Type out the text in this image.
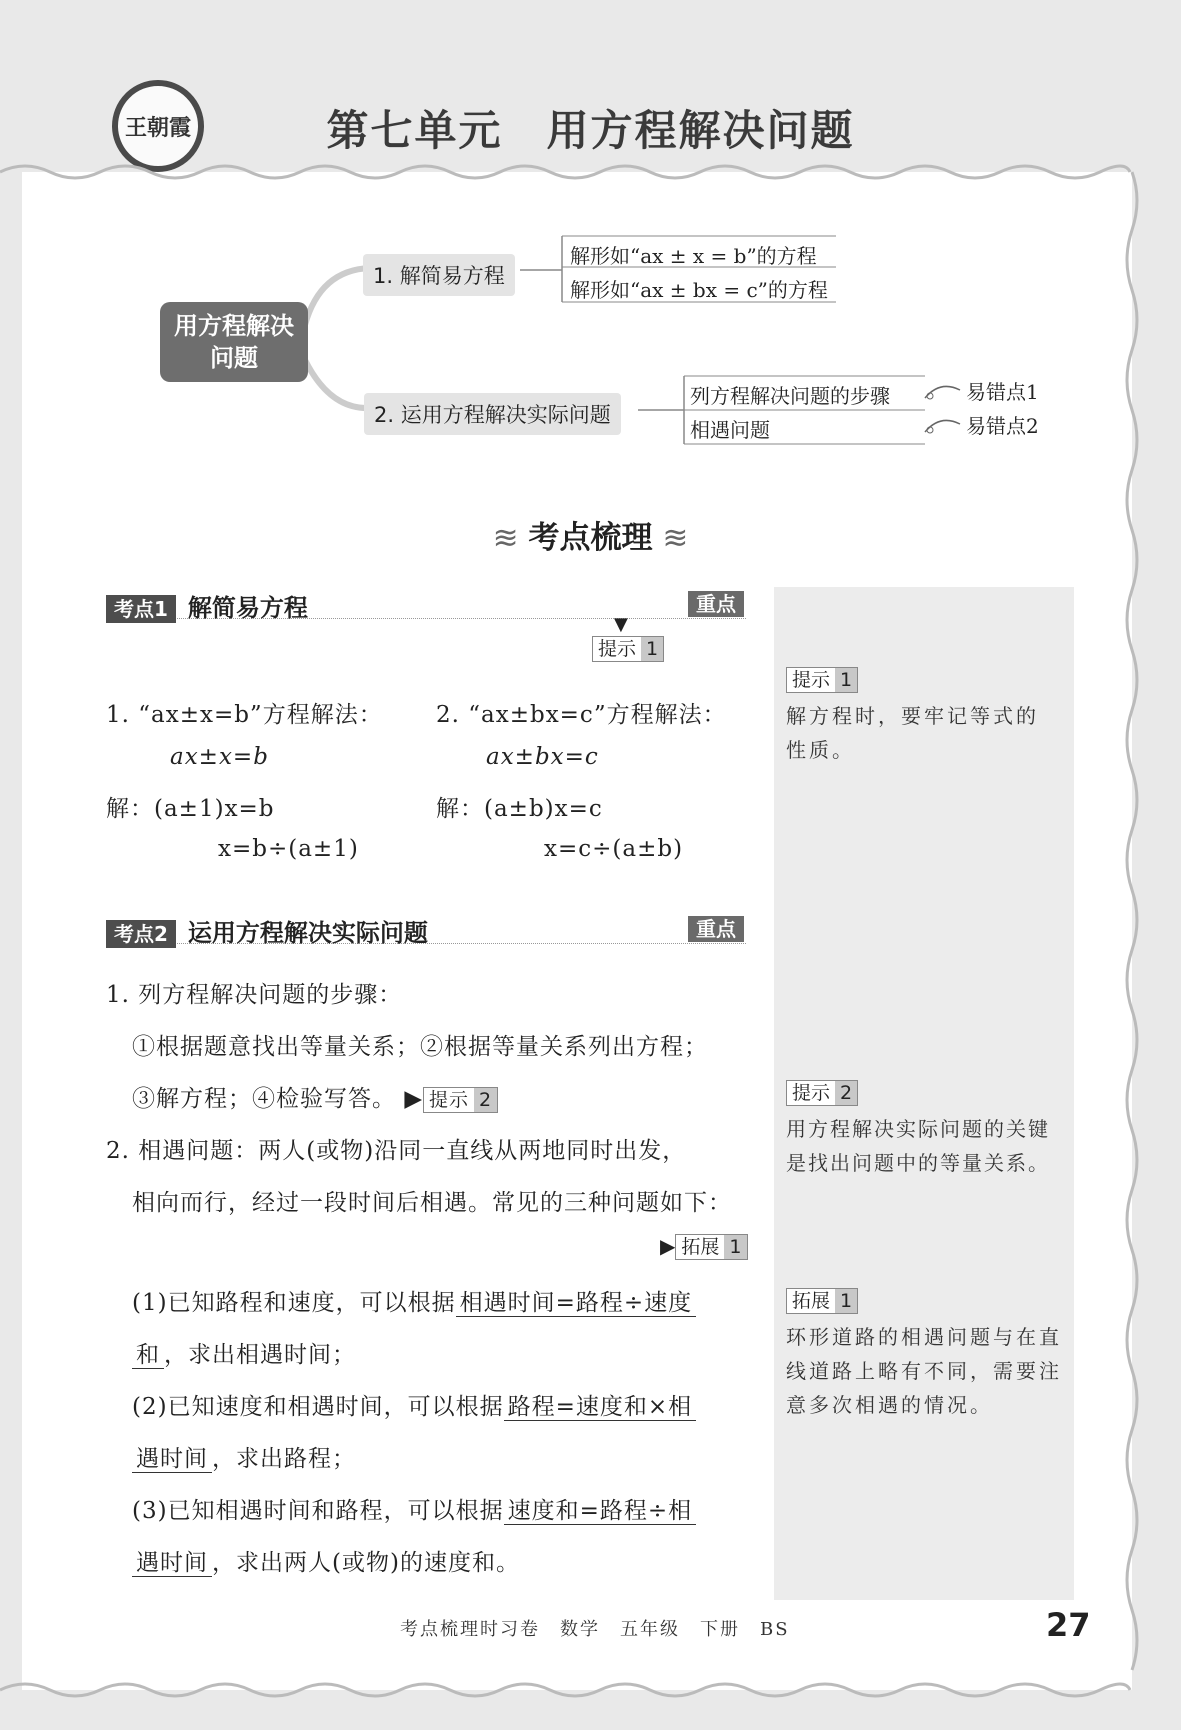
王朝霞	第七单元 用方程解决问题
用方程解决
问题
1. 解简易方程
解形如“ax ± x = b”的方程
解形如“ax ± bx = c”的方程
2. 运用方程解决实际问题
列方程解决问题的步骤
相遇问题
易错点1
易错点2
≋ 考点梳理 ≋
提示 1
解方程时，要牢记等式的
性质。
提示 2
用方程解决实际问题的关键
是找出问题中的等量关系。
拓展 1
环形道路的相遇问题与在直
线道路上略有不同，需要注
意多次相遇的情况。
考点1 解简易方程	重点
▼
提示 1
1. “ax±x=b”方程解法：
ax±x=b
解：(a±1)x=b
x=b÷(a±1)
2. “ax±bx=c”方程解法：
ax±bx=c
解：(a±b)x=c
x=c÷(a±b)
考点2 运用方程解决实际问题	重点
1. 列方程解决问题的步骤：
①根据题意找出等量关系；②根据等量关系列出方程；
③解方程；④检验写答。 ▶ 提示 2
2. 相遇问题：两人(或物)沿同一直线从两地同时出发，
相向而行，经过一段时间后相遇。常见的三种问题如下：
▶ 拓展 1
(1)已知路程和速度，可以根据 相遇时间=路程÷速度
和 ，求出相遇时间；
(2)已知速度和相遇时间，可以根据 路程=速度和×相
遇时间 ，求出路程；
(3)已知相遇时间和路程，可以根据 速度和=路程÷相
遇时间 ，求出两人(或物)的速度和。
考点梳理时习卷　数学　五年级　下册　BS	27
